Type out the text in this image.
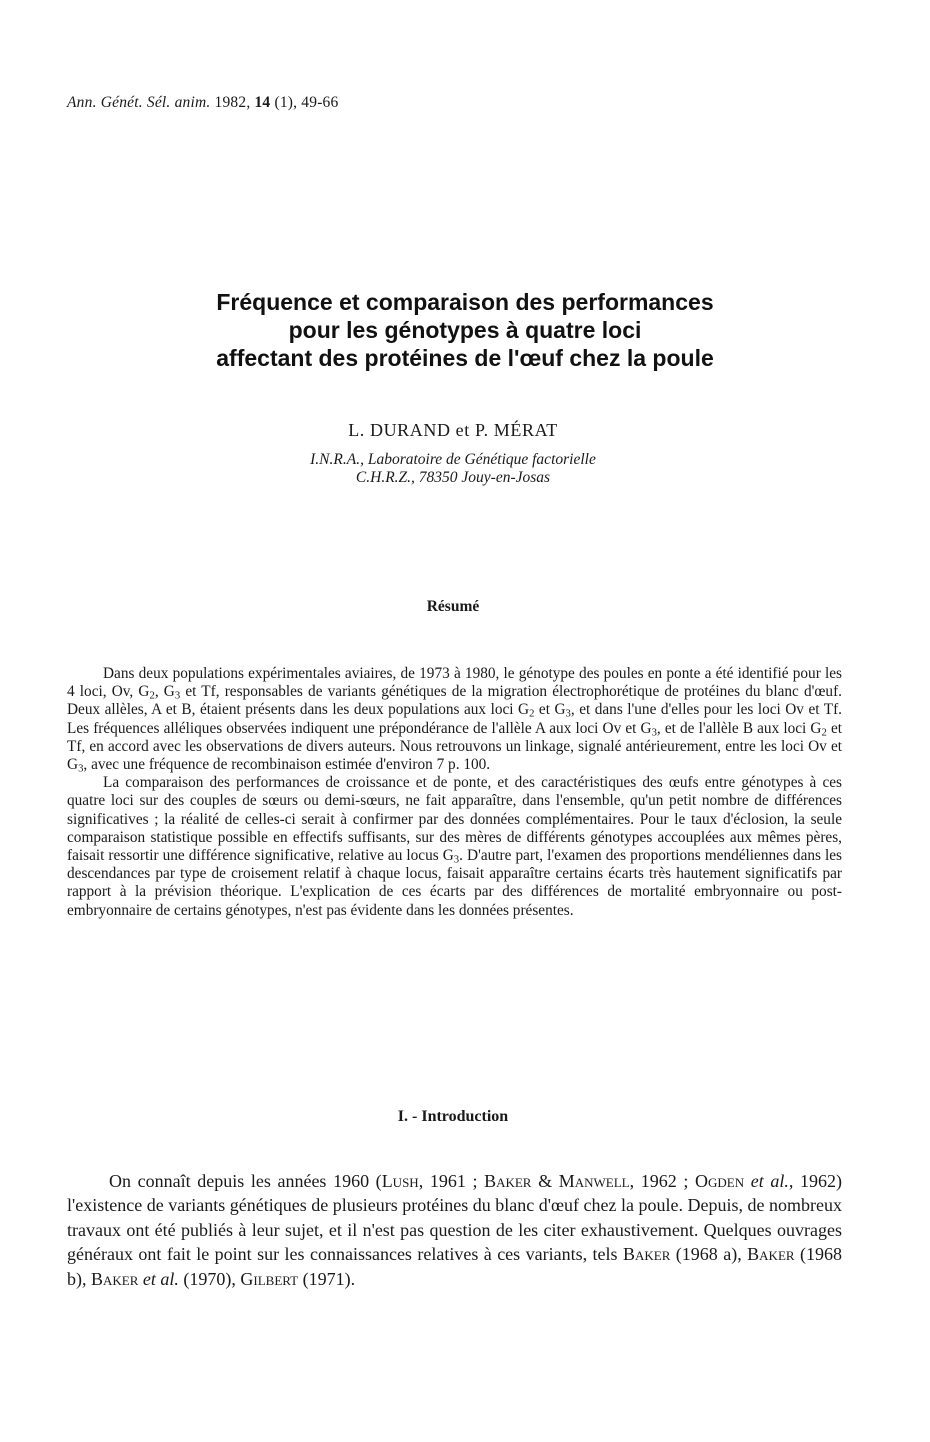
Ann. Génét. Sél. anim. 1982, 14 (1), 49-66
Fréquence et comparaison des performances
pour les génotypes à quatre loci
affectant des protéines de l'œuf chez la poule
L. DURAND et P. MÉRAT
I.N.R.A., Laboratoire de Génétique factorielle
C.H.R.Z., 78350 Jouy-en-Josas
Résumé

Dans deux populations expérimentales aviaires, de 1973 à 1980, le génotype des poules en ponte a été identifié pour les 4 loci, Ov, $G_2$, $G_3$ et Tf, responsables de variants génétiques de la migration électrophorétique de protéines du blanc d'œuf. Deux allèles, A et B, étaient présents dans les deux populations aux loci $G_2$ et $G_3$, et dans l'une d'elles pour les loci Ov et Tf. Les fréquences alléliques observées indiquent une prépondérance de l'allèle A aux loci Ov et $G_3$, et de l'allèle B aux loci $G_2$ et Tf, en accord avec les observations de divers auteurs. Nous retrouvons un linkage, signalé antérieurement, entre les loci Ov et $G_3$, avec une fréquence de recombinaison estimée d'environ 7 p. 100.

La comparaison des performances de croissance et de ponte, et des caractéristiques des œufs entre génotypes à ces quatre loci sur des couples de sœurs ou demi-sœurs, ne fait apparaître, dans l'ensemble, qu'un petit nombre de différences significatives ; la réalité de celles-ci serait à confirmer par des données complémentaires. Pour le taux d'éclosion, la seule comparaison statistique possible en effectifs suffisants, sur des mères de différents génotypes accouplées aux mêmes pères, faisait ressortir une différence significative, relative au locus $G_3$. D'autre part, l'examen des proportions mendéliennes dans les descendances par type de croisement relatif à chaque locus, faisait apparaître certains écarts très hautement significatifs par rapport à la prévision théorique. L'explication de ces écarts par des différences de mortalité embryonnaire ou post-embryonnaire de certains génotypes, n'est pas évidente dans les données présentes.

I. - Introduction

On connaît depuis les années 1960 (Lush, 1961 ; Baker & Manwell, 1962 ; Ogden et al., 1962) l'existence de variants génétiques de plusieurs protéines du blanc d'œuf chez la poule. Depuis, de nombreux travaux ont été publiés à leur sujet, et il n'est pas question de les citer exhaustivement. Quelques ouvrages généraux ont fait le point sur les connaissances relatives à ces variants, tels Baker (1968 a), Baker (1968 b), Baker et al. (1970), Gilbert (1971).
